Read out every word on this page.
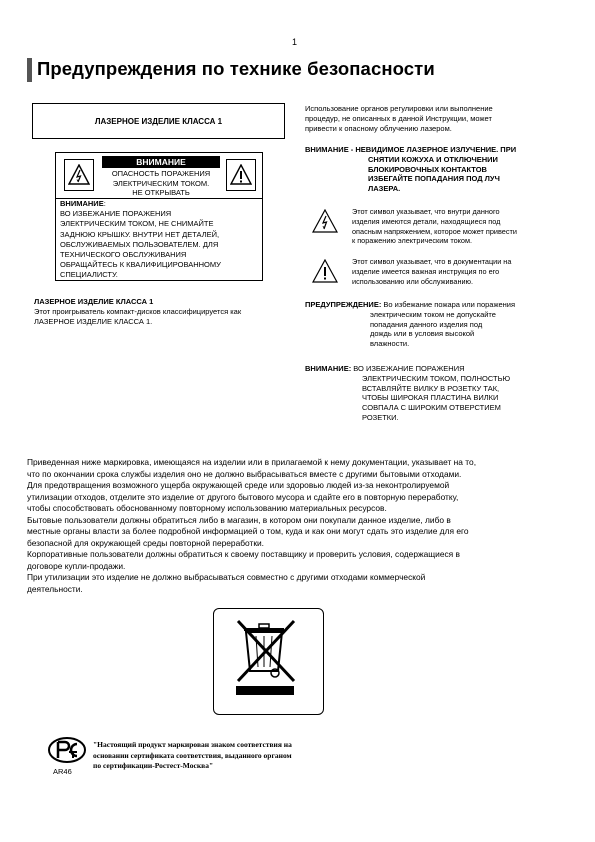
1
Предупреждения по технике безопасности
ЛАЗЕРНОЕ ИЗДЕЛИЕ КЛАССА 1
ВНИМАНИЕ
ОПАСНОСТЬ ПОРАЖЕНИЯ
ЭЛЕКТРИЧЕСКИМ ТОКОМ.
НЕ ОТКРЫВАТЬ
ВНИМАНИЕ:
ВО ИЗБЕЖАНИЕ ПОРАЖЕНИЯ
ЭЛЕКТРИЧЕСКИМ ТОКОМ, НЕ СНИМАЙТЕ
ЗАДНЮЮ КРЫШКУ. ВНУТРИ НЕТ ДЕТАЛЕЙ,
ОБСЛУЖИВАЕМЫХ ПОЛЬЗОВАТЕЛЕМ. ДЛЯ
ТЕХНИЧЕСКОГО ОБСЛУЖИВАНИЯ
ОБРАЩАЙТЕСЬ К КВАЛИФИЦИРОВАННОМУ
СПЕЦИАЛИСТУ.
ЛАЗЕРНОЕ ИЗДЕЛИЕ КЛАССА 1
Этот проигрыватель компакт-дисков классифицируется как
ЛАЗЕРНОЕ ИЗДЕЛИЕ КЛАССА 1.
Использование органов регулировки или выполнение
процедур, не описанных в данной Инструкции, может
привести к опасному облучению лазером.
ВНИМАНИЕ - НЕВИДИМОЕ ЛАЗЕРНОЕ ИЗЛУЧЕНИЕ. ПРИ
СНЯТИИ КОЖУХА И ОТКЛЮЧЕНИИ
БЛОКИРОВОЧНЫХ КОНТАКТОВ
ИЗБЕГАЙТЕ ПОПАДАНИЯ ПОД ЛУЧ
ЛАЗЕРА.
Этот символ указывает, что внутри данного
изделия имеются детали, находящиеся под
опасным напряжением, которое может привести
к поражению электрическим током.
Этот символ указывает, что в документации на
изделие имеется важная инструкция по его
использованию или обслуживанию.
ПРЕДУПРЕЖДЕНИЕ: Во избежание пожара или поражения
электрическим током не допускайте
попадания данного изделия под
дождь или в условия высокой
влажности.
ВНИМАНИЕ: ВО ИЗБЕЖАНИЕ ПОРАЖЕНИЯ
ЭЛЕКТРИЧЕСКИМ ТОКОМ, ПОЛНОСТЬЮ
ВСТАВЛЯЙТЕ ВИЛКУ В РОЗЕТКУ ТАК,
ЧТОБЫ ШИРОКАЯ ПЛАСТИНА ВИЛКИ
СОВПАЛА С ШИРОКИМ ОТВЕРСТИЕМ
РОЗЕТКИ.
Приведенная ниже маркировка, имеющаяся на изделии или в прилагаемой к нему документации, указывает на то,
что по окончании срока службы изделия оно не должно выбрасываться вместе с другими бытовыми отходами.
Для предотвращения возможного ущерба окружающей среде или здоровью людей из-за неконтролируемой
утилизации отходов, отделите это изделие от другого бытового мусора и сдайте его в повторную переработку,
чтобы способствовать обоснованному повторному использованию материальных ресурсов.
Бытовые пользователи должны обратиться либо в магазин, в котором они покупали данное изделие, либо в
местные органы власти за более подробной информацией о том, куда и как они могут сдать это изделие для его
безопасной для окружающей среды повторной переработки.
Корпоративные пользователи должны обратиться к своему поставщику и проверить условия, содержащиеся в
договоре купли-продажи.
При утилизации это изделие не должно выбрасываться совместно с другими отходами коммерческой
деятельности.
AR46
"Настоящий продукт маркирован знаком соответствия на
основании сертификата соответствия, выданного органом
по сертификации-Ростест-Москва"
